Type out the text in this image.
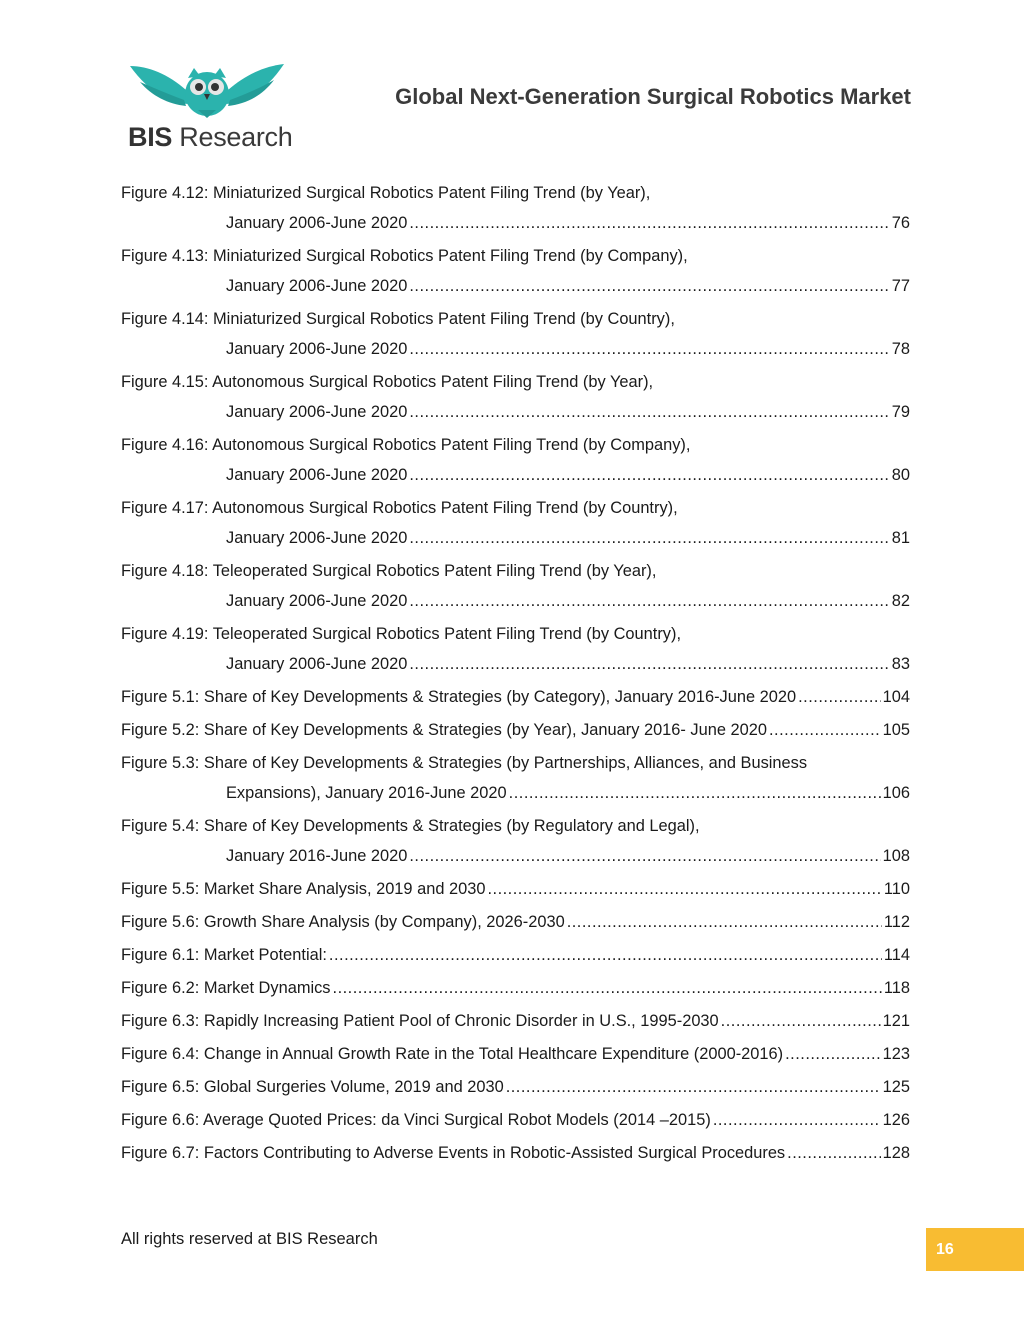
BIS Research
Global Next-Generation Surgical Robotics Market
Figure 4.12: Miniaturized Surgical Robotics Patent Filing Trend (by Year),
January 2006-June 2020 .....	76
Figure 4.13: Miniaturized Surgical Robotics Patent Filing Trend (by Company),
January 2006-June 2020 .....	77
Figure 4.14: Miniaturized Surgical Robotics Patent Filing Trend (by Country),
January 2006-June 2020 .....	78
Figure 4.15: Autonomous Surgical Robotics Patent Filing Trend (by Year),
January 2006-June 2020 .....	79
Figure 4.16: Autonomous Surgical Robotics Patent Filing Trend (by Company),
January 2006-June 2020 .....	80
Figure 4.17: Autonomous Surgical Robotics Patent Filing Trend (by Country),
January 2006-June 2020 .....	81
Figure 4.18: Teleoperated Surgical Robotics Patent Filing Trend (by Year),
January 2006-June 2020 .....	82
Figure 4.19: Teleoperated Surgical Robotics Patent Filing Trend (by Country),
January 2006-June 2020 .....	83
Figure 5.1: Share of Key Developments & Strategies (by Category), January 2016-June 2020 .....	104
Figure 5.2: Share of Key Developments & Strategies (by Year), January 2016- June 2020 .....	105
Figure 5.3: Share of Key Developments & Strategies (by Partnerships, Alliances, and Business
Expansions), January 2016-June 2020 .....	106
Figure 5.4: Share of Key Developments & Strategies (by Regulatory and Legal),
January 2016-June 2020 .....	108
Figure 5.5: Market Share Analysis, 2019 and 2030 .....	110
Figure 5.6: Growth Share Analysis (by Company), 2026-2030 .....	112
Figure 6.1: Market Potential: .....	114
Figure 6.2: Market Dynamics .....	118
Figure 6.3: Rapidly Increasing Patient Pool of Chronic Disorder in U.S., 1995-2030 .....	121
Figure 6.4: Change in Annual Growth Rate in the Total Healthcare Expenditure (2000-2016) .....	123
Figure 6.5: Global Surgeries Volume, 2019 and 2030 .....	125
Figure 6.6: Average Quoted Prices: da Vinci Surgical Robot Models (2014 –2015) .....	126
Figure 6.7: Factors Contributing to Adverse Events in Robotic-Assisted Surgical Procedures .....	128
All rights reserved at BIS Research
16
